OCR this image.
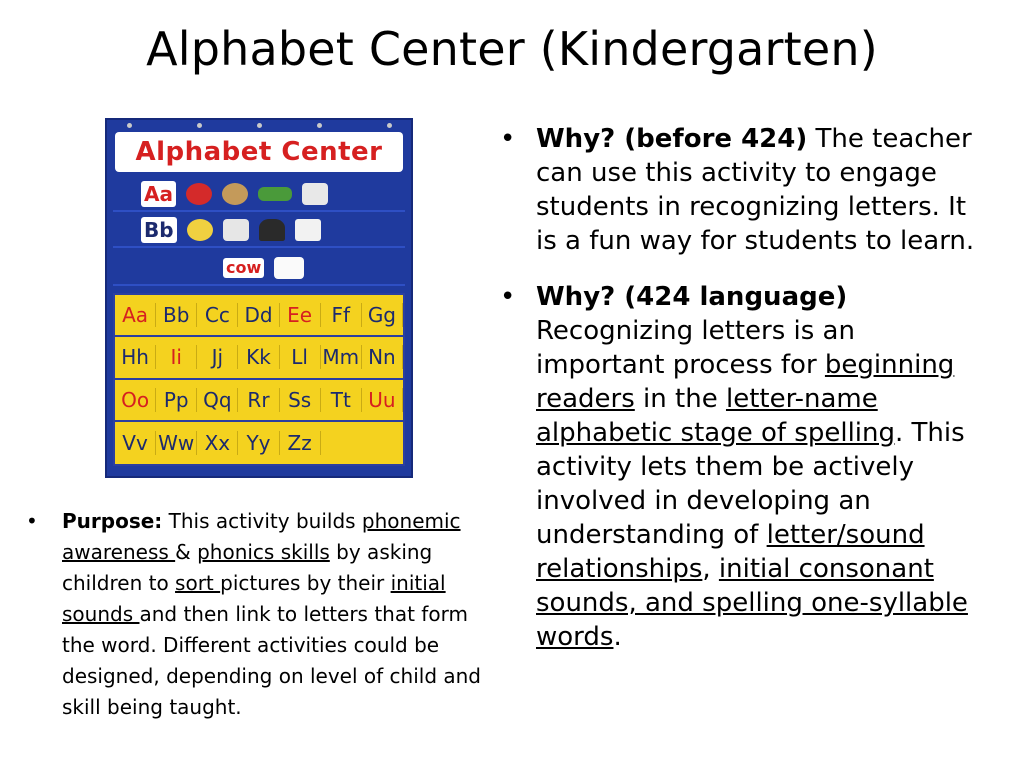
Alphabet Center (Kindergarten)
Alphabet Center
Aa
Bb
cow
Aa Bb Cc Dd Ee Ff Gg
Hh	Ii	Jj	Kk	Ll Mm Nn
Oo Pp Qq Rr Ss Tt Uu
Vv Ww Xx Yy Zz
• Why? (before 424) The teacher can use this activity to engage students in recognizing letters. It is a fun way for students to learn.
• Why? (424 language) Recognizing letters is an important process for beginning readers in the letter-name alphabetic stage of spelling. This activity lets them be actively involved in developing an understanding of letter/sound relationships, initial consonant sounds, and spelling one-syllable words.
• Purpose: This activity builds phonemic awareness & phonics skills by asking children to sort pictures by their initial sounds and then link to letters that form the word. Different activities could be designed, depending on level of child and skill being taught.
